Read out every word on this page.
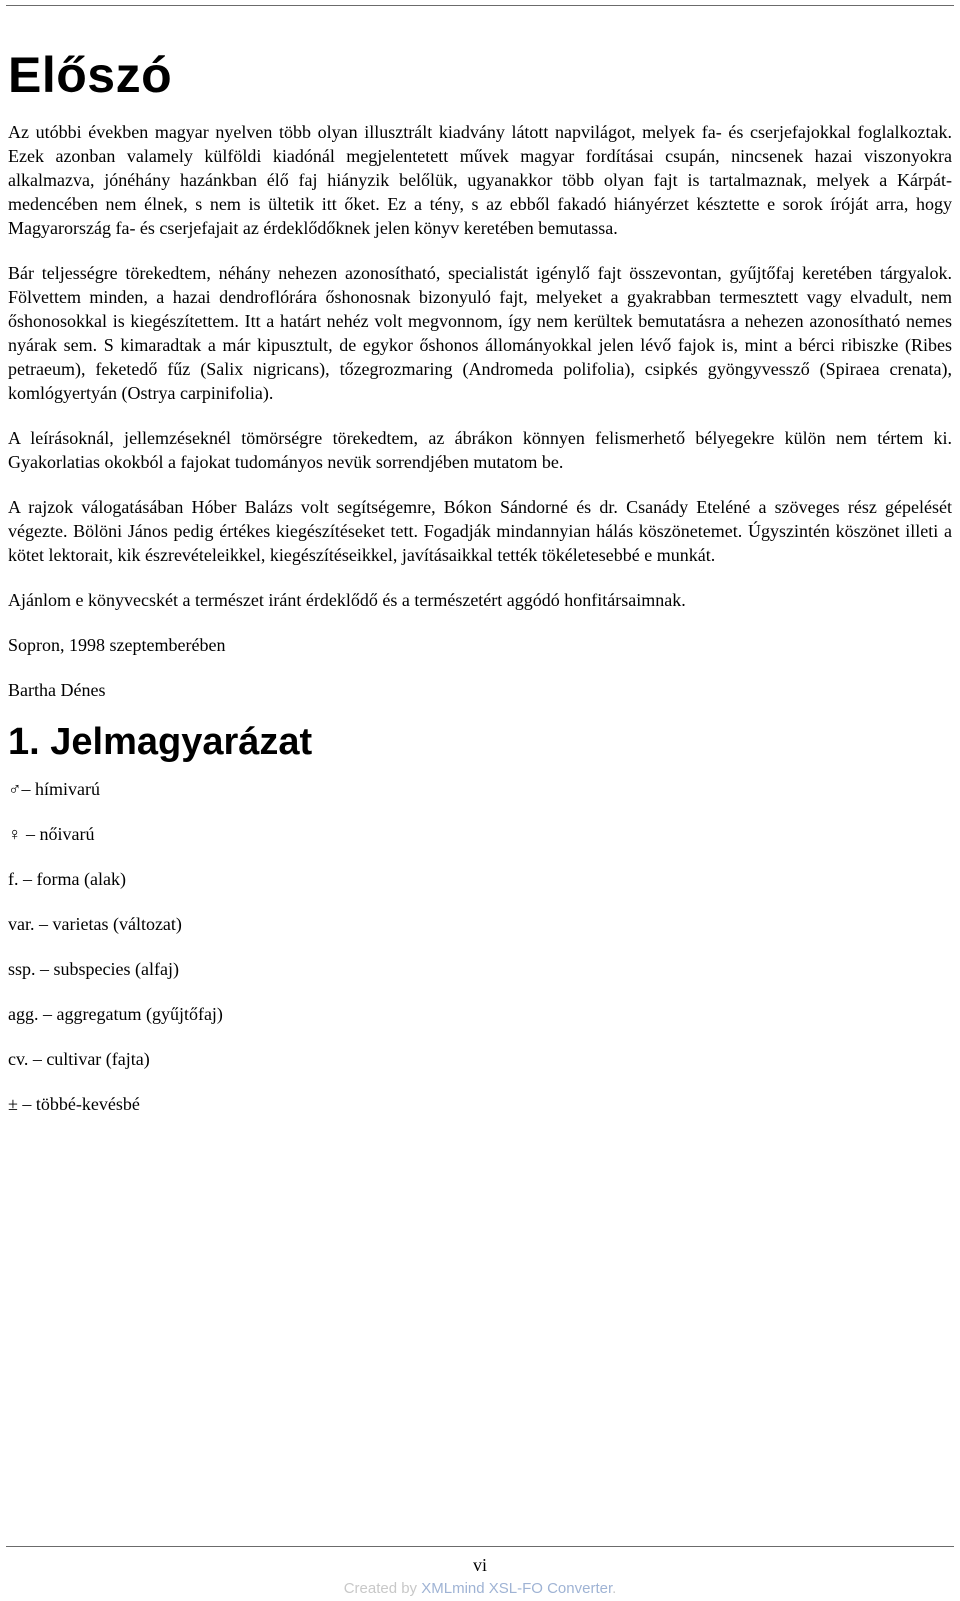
Előszó

Az utóbbi években magyar nyelven több olyan illusztrált kiadvány látott napvilágot, melyek fa- és cserjefajokkal foglalkoztak. Ezek azonban valamely külföldi kiadónál megjelentetett művek magyar fordításai csupán, nincsenek hazai viszonyokra alkalmazva, jónéhány hazánkban élő faj hiányzik belőlük, ugyanakkor több olyan fajt is tartalmaznak, melyek a Kárpát-medencében nem élnek, s nem is ültetik itt őket. Ez a tény, s az ebből fakadó hiányérzet késztette e sorok íróját arra, hogy Magyarország fa- és cserjefajait az érdeklődőknek jelen könyv keretében bemutassa.

Bár teljességre törekedtem, néhány nehezen azonosítható, specialistát igénylő fajt összevontan, gyűjtőfaj keretében tárgyalok. Fölvettem minden, a hazai dendroflórára őshonosnak bizonyuló fajt, melyeket a gyakrabban termesztett vagy elvadult, nem őshonosokkal is kiegészítettem. Itt a határt nehéz volt megvonnom, így nem kerültek bemutatásra a nehezen azonosítható nemes nyárak sem. S kimaradtak a már kipusztult, de egykor őshonos állományokkal jelen lévő fajok is, mint a bérci ribiszke (Ribes petraeum), feketedő fűz (Salix nigricans), tőzegrozmaring (Andromeda polifolia), csipkés gyöngyvessző (Spiraea crenata), komlógyertyán (Ostrya carpinifolia).

A leírásoknál, jellemzéseknél tömörségre törekedtem, az ábrákon könnyen felismerhető bélyegekre külön nem tértem ki. Gyakorlatias okokból a fajokat tudományos nevük sorrendjében mutatom be.

A rajzok válogatásában Hóber Balázs volt segítségemre, Bókon Sándorné és dr. Csanády Eteléné a szöveges rész gépelését végezte. Bölöni János pedig értékes kiegészítéseket tett. Fogadják mindannyian hálás köszönetemet. Úgyszintén köszönet illeti a kötet lektorait, kik észrevételeikkel, kiegészítéseikkel, javításaikkal tették tökéletesebbé e munkát.

Ajánlom e könyvecskét a természet iránt érdeklődő és a természetért aggódó honfitársaimnak.

Sopron, 1998 szeptemberében

Bartha Dénes

1. Jelmagyarázat
♂– hímivarú
♀ – nőivarú
f. – forma (alak)
var. – varietas (változat)
ssp. – subspecies (alfaj)
agg. – aggregatum (gyűjtőfaj)
cv. – cultivar (fajta)
± – többé-kevésbé
vi
Created by XMLmind XSL-FO Converter.
